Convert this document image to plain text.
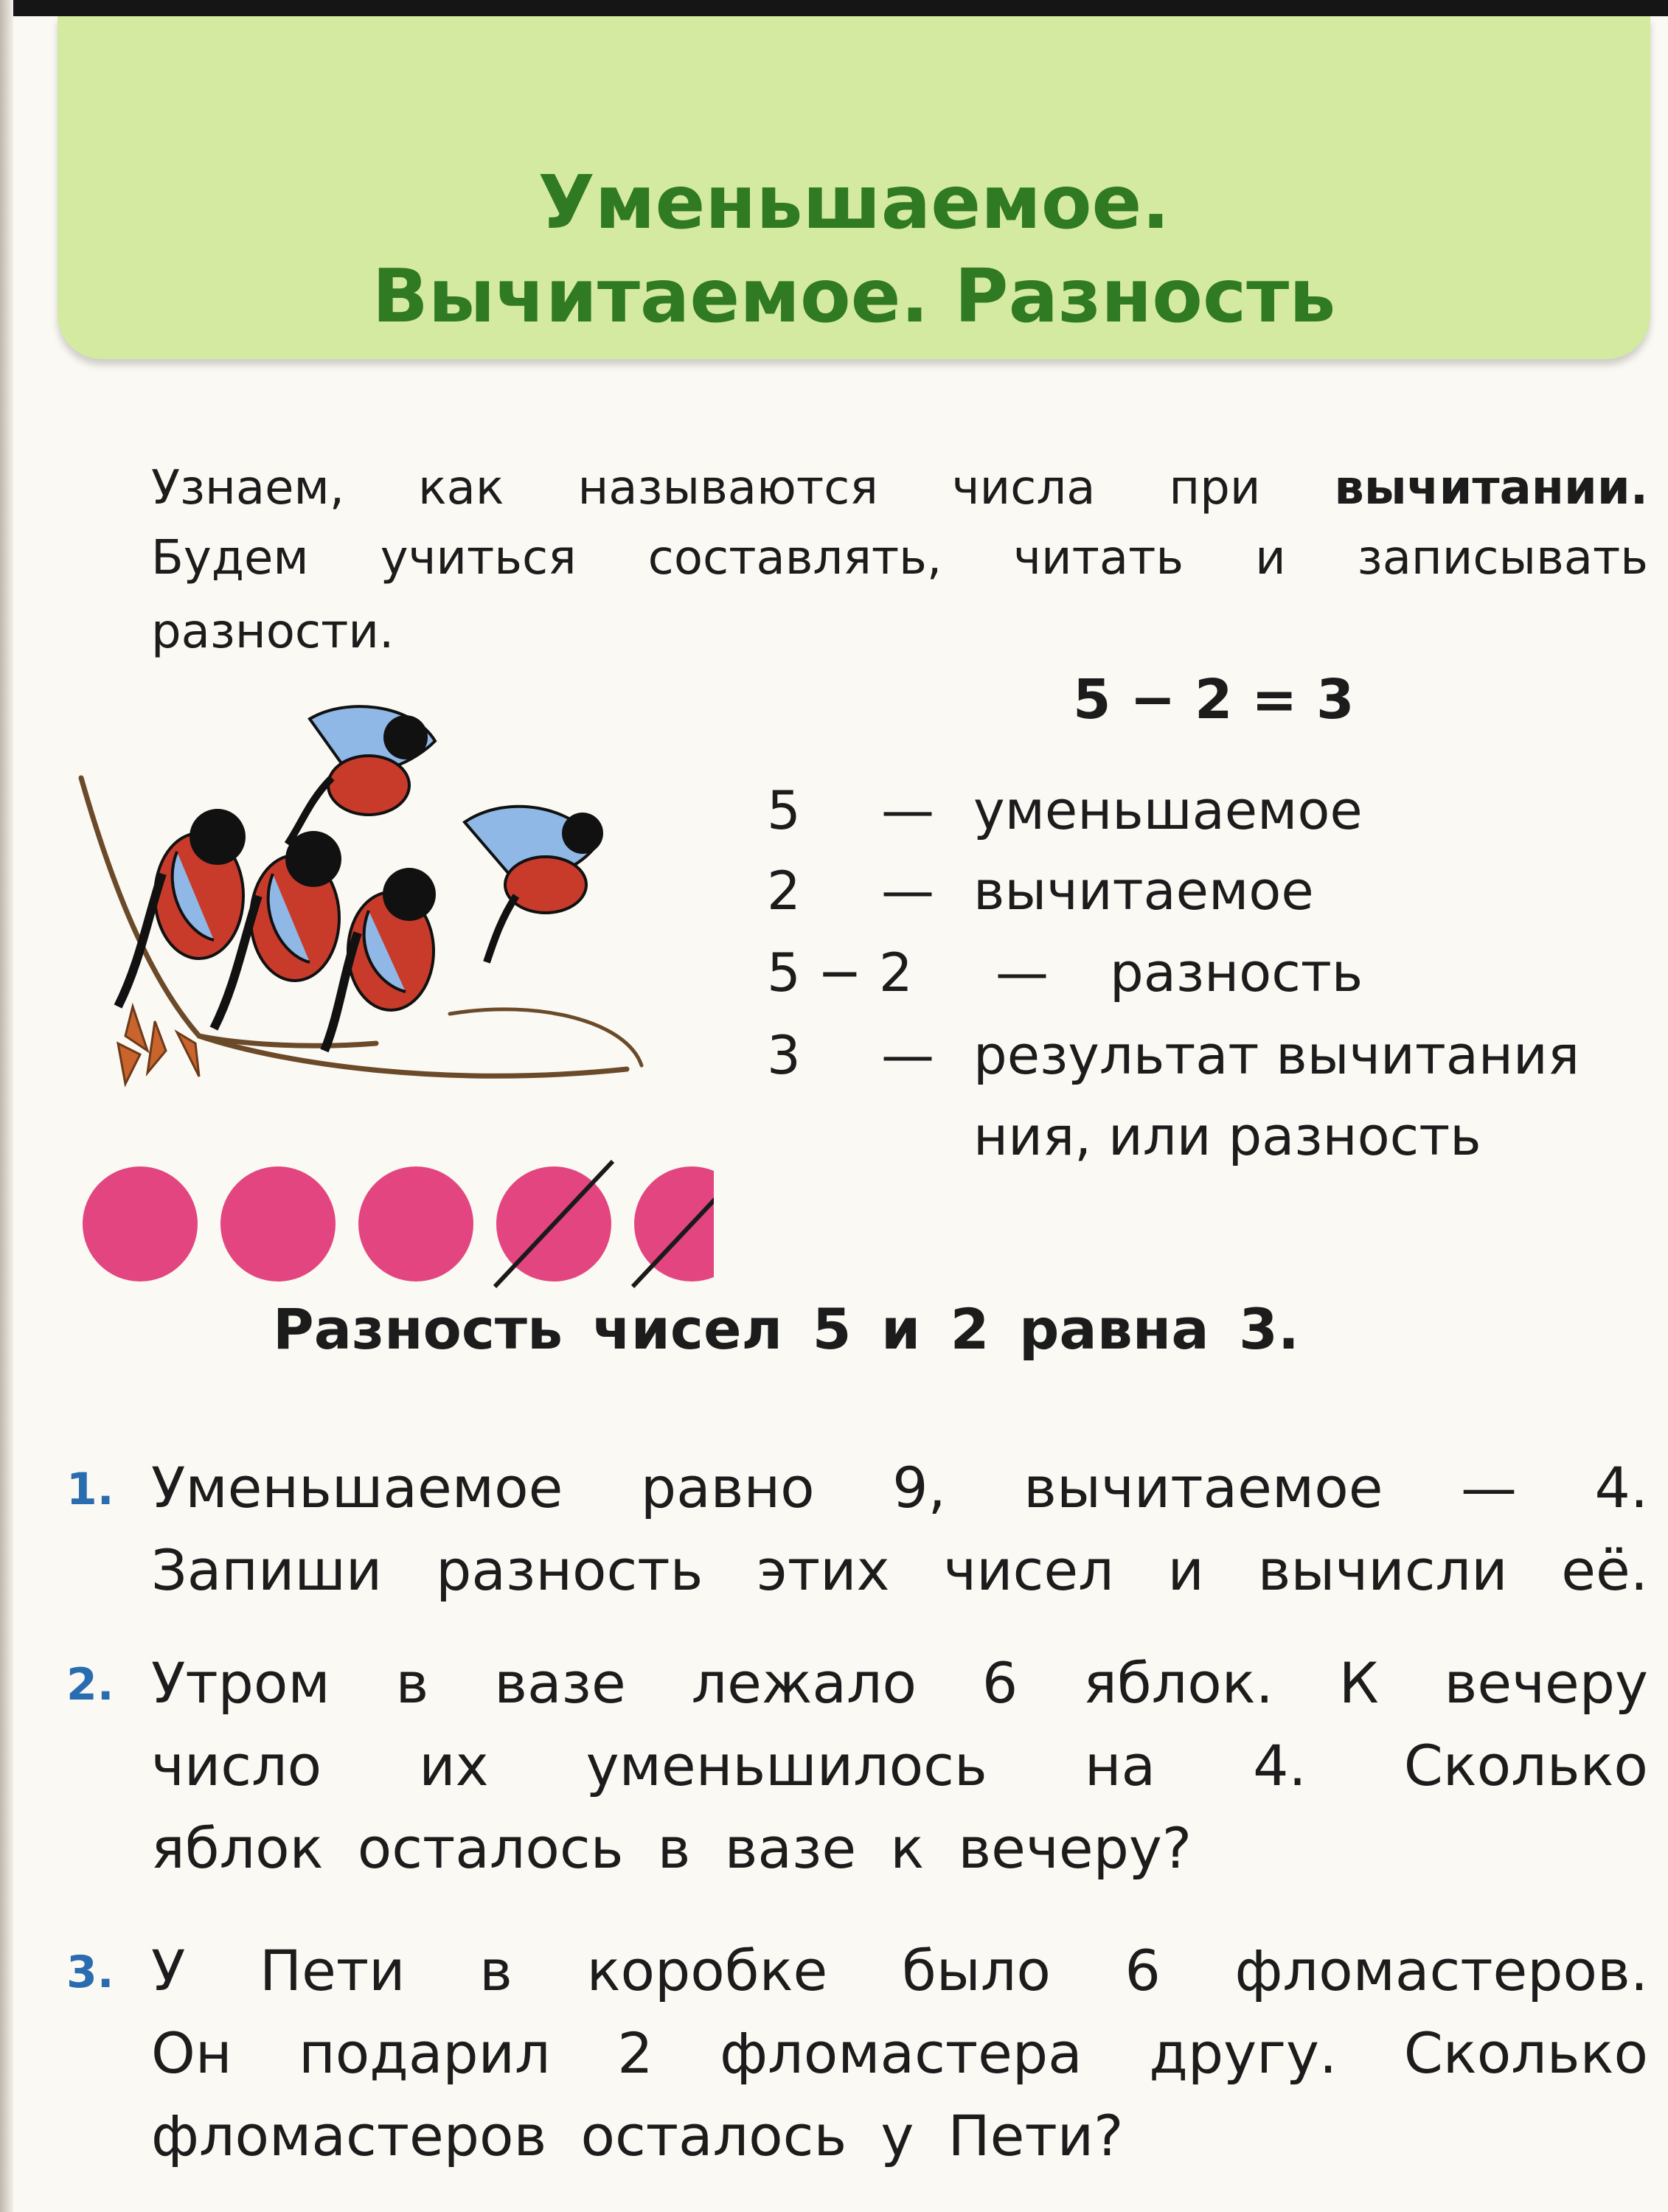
Уменьшаемое.
Вычитаемое. Разность

Узнаем, как называются числа при вычитании.

Будем учиться составлять, читать и записывать

разности.

5 − 2 = 3

5 — уменьшаемое
2 — вычитаемое
5 − 2 — разность
3 — результат вычитания
ния, или разность

Разность чисел 5 и 2 равна 3.

1. Уменьшаемое равно 9, вычитаемое — 4.

Запиши разность этих чисел и вычисли её.

2. Утром в вазе лежало 6 яблок. К вечеру

число их уменьшилось на 4. Сколько

яблок осталось в вазе к вечеру?

3. У Пети в коробке было 6 фломастеров.

Он подарил 2 фломастера другу. Сколько

фломастеров осталось у Пети?
